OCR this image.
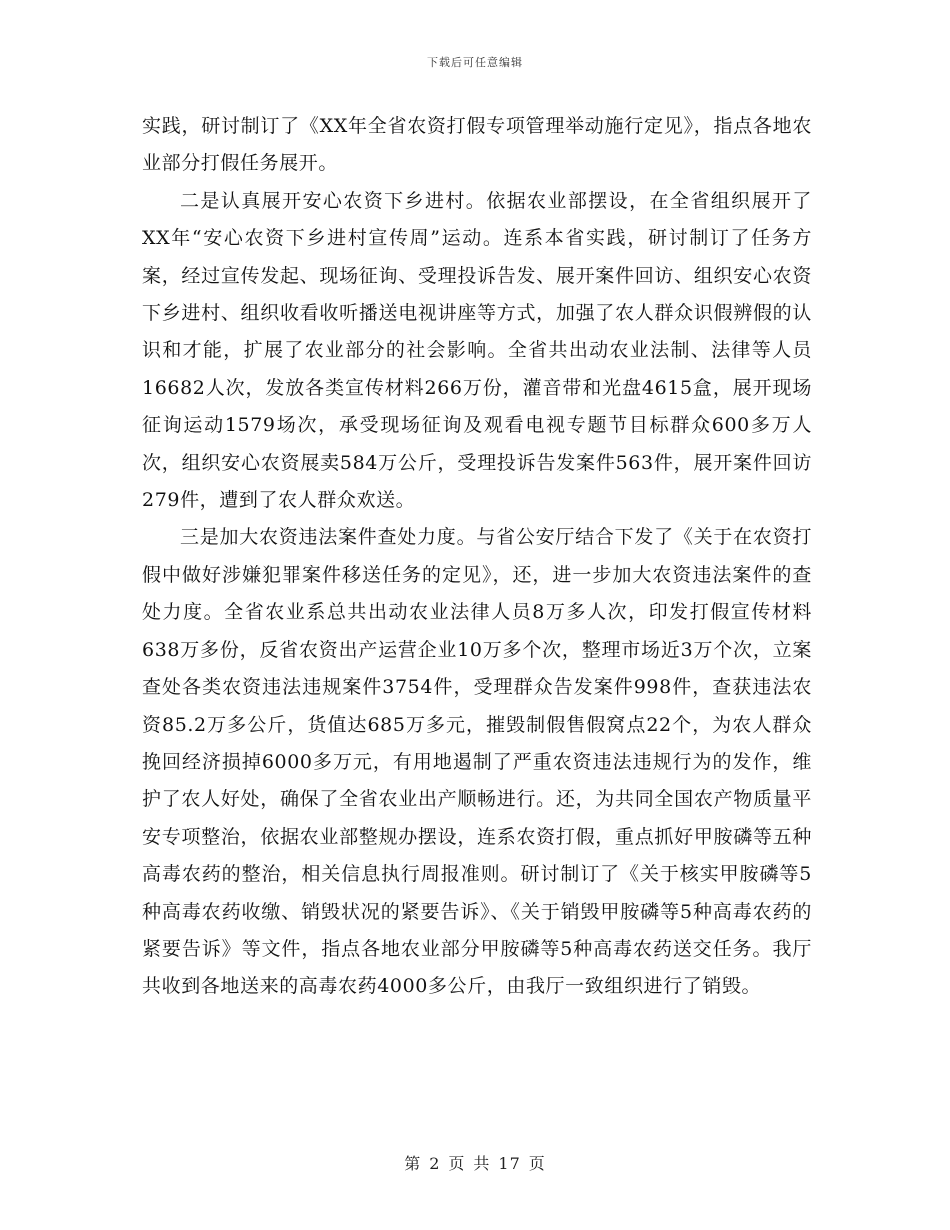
下载后可任意编辑

实践，研讨制订了《XX年全省农资打假专项管理举动施行定见》，指点各地农业部分打假任务展开。

二是认真展开安心农资下乡进村。依据农业部摆设，在全省组织展开了XX年“安心农资下乡进村宣传周”运动。连系本省实践，研讨制订了任务方案，经过宣传发起、现场征询、受理投诉告发、展开案件回访、组织安心农资下乡进村、组织收看收听播送电视讲座等方式，加强了农人群众识假辨假的认识和才能，扩展了农业部分的社会影响。全省共出动农业法制、法律等人员16682人次，发放各类宣传材料266万份，灌音带和光盘4615盒，展开现场征询运动1579场次，承受现场征询及观看电视专题节目标群众600多万人次，组织安心农资展卖584万公斤，受理投诉告发案件563件，展开案件回访279件，遭到了农人群众欢送。

三是加大农资违法案件查处力度。与省公安厅结合下发了《关于在农资打假中做好涉嫌犯罪案件移送任务的定见》，还，进一步加大农资违法案件的查处力度。全省农业系总共出动农业法律人员8万多人次，印发打假宣传材料638万多份，反省农资出产运营企业10万多个次，整理市场近3万个次，立案查处各类农资违法违规案件3754件，受理群众告发案件998件，查获违法农资85.2万多公斤，货值达685万多元，摧毁制假售假窝点22个，为农人群众挽回经济损掉6000多万元，有用地遏制了严重农资违法违规行为的发作，维护了农人好处，确保了全省农业出产顺畅进行。还，为共同全国农产物质量平安专项整治，依据农业部整规办摆设，连系农资打假，重点抓好甲胺磷等五种高毒农药的整治，相关信息执行周报准则。研讨制订了《关于核实甲胺磷等5种高毒农药收缴、销毁状况的紧要告诉》、《关于销毁甲胺磷等5种高毒农药的紧要告诉》等文件，指点各地农业部分甲胺磷等5种高毒农药送交任务。我厅共收到各地送来的高毒农药4000多公斤，由我厅一致组织进行了销毁。

第 2 页 共 17 页
